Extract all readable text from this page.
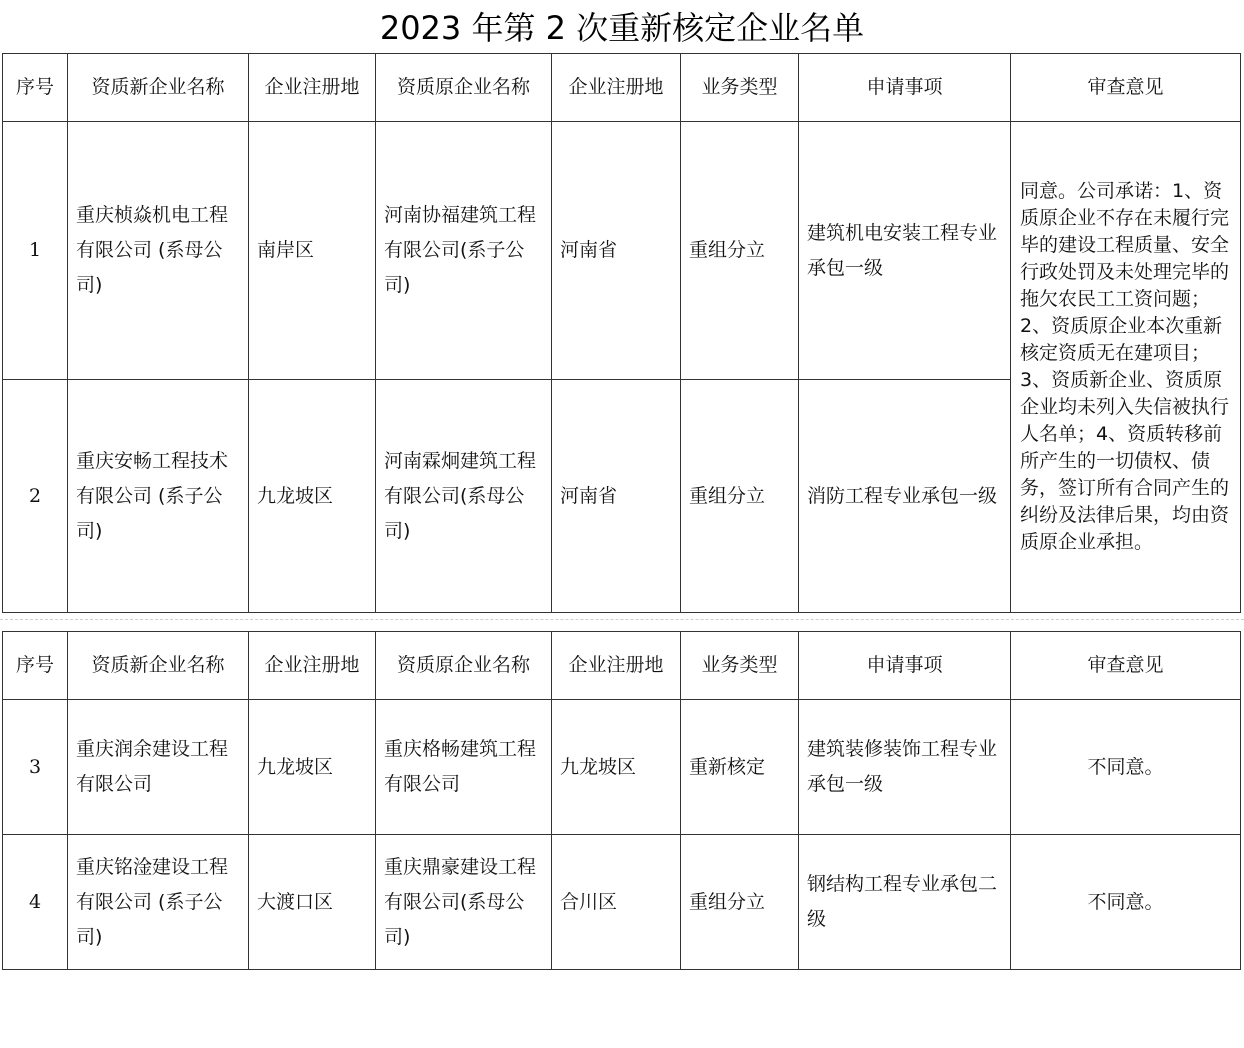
2023 年第 2 次重新核定企业名单
序号	资质新企业名称	企业注册地	资质原企业名称	企业注册地	业务类型	申请事项	审查意见
1	重庆桢焱机电工程有限公司 (系母公司)	南岸区	河南协福建筑工程有限公司(系子公司)	河南省	重组分立	建筑机电安装工程专业承包一级	同意。公司承诺：1、资质原企业不存在未履行完毕的建设工程质量、安全行政处罚及未处理完毕的拖欠农民工工资问题；2、资质原企业本次重新核定资质无在建项目；3、资质新企业、资质原企业均未列入失信被执行人名单；4、资质转移前所产生的一切债权、债务，签订所有合同产生的纠纷及法律后果，均由资质原企业承担。
2	重庆安畅工程技术有限公司 (系子公司)	九龙坡区	河南霖炯建筑工程有限公司(系母公司)	河南省	重组分立	消防工程专业承包一级	
序号	资质新企业名称	企业注册地	资质原企业名称	企业注册地	业务类型	申请事项	审查意见
3	重庆润余建设工程有限公司	九龙坡区	重庆格畅建筑工程有限公司	九龙坡区	重新核定	建筑装修装饰工程专业承包一级	不同意。
4	重庆铭淦建设工程有限公司 (系子公司)	大渡口区	重庆鼎豪建设工程有限公司(系母公司)	合川区	重组分立	钢结构工程专业承包二级	不同意。
